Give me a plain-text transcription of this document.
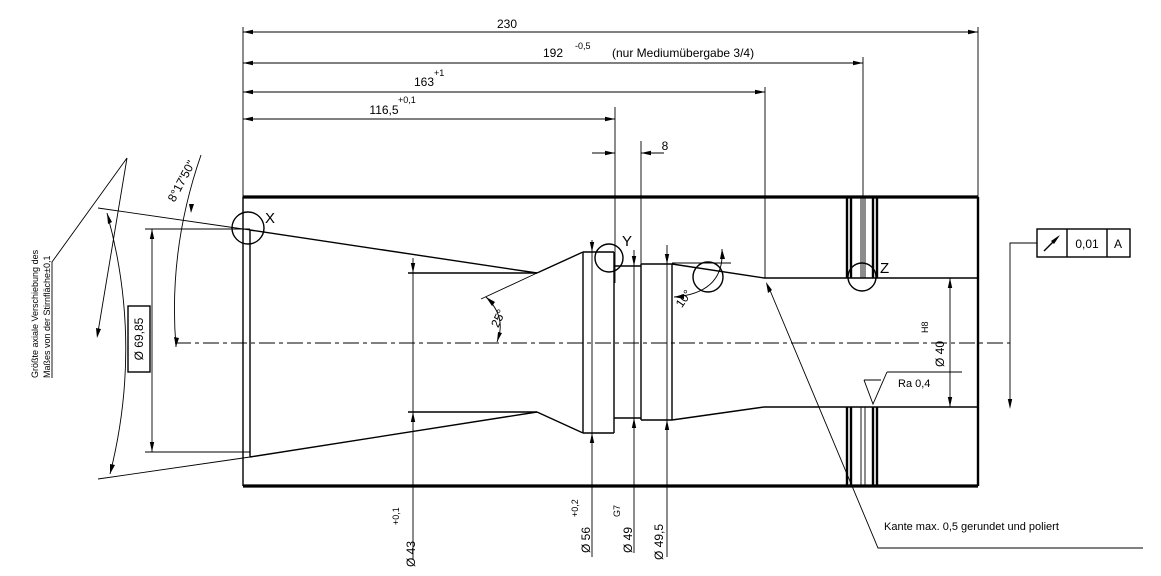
230
192 -0,5 (nur Mediumübergabe 3/4)
163
+1
116,5
+0,1
8
Ø 69,85
Ø 43
+0,1
Ø 56
+0,2
Ø 49
G7
Ø 49,5
Ø 40
H8
8°17'50"
25°
10°
X
Y
Z
Ra 0,4
0,01 A
Kante max. 0,5 gerundet und poliert
Größte axiale Verschiebung des Maßes von der Stirnfläche±0,1
